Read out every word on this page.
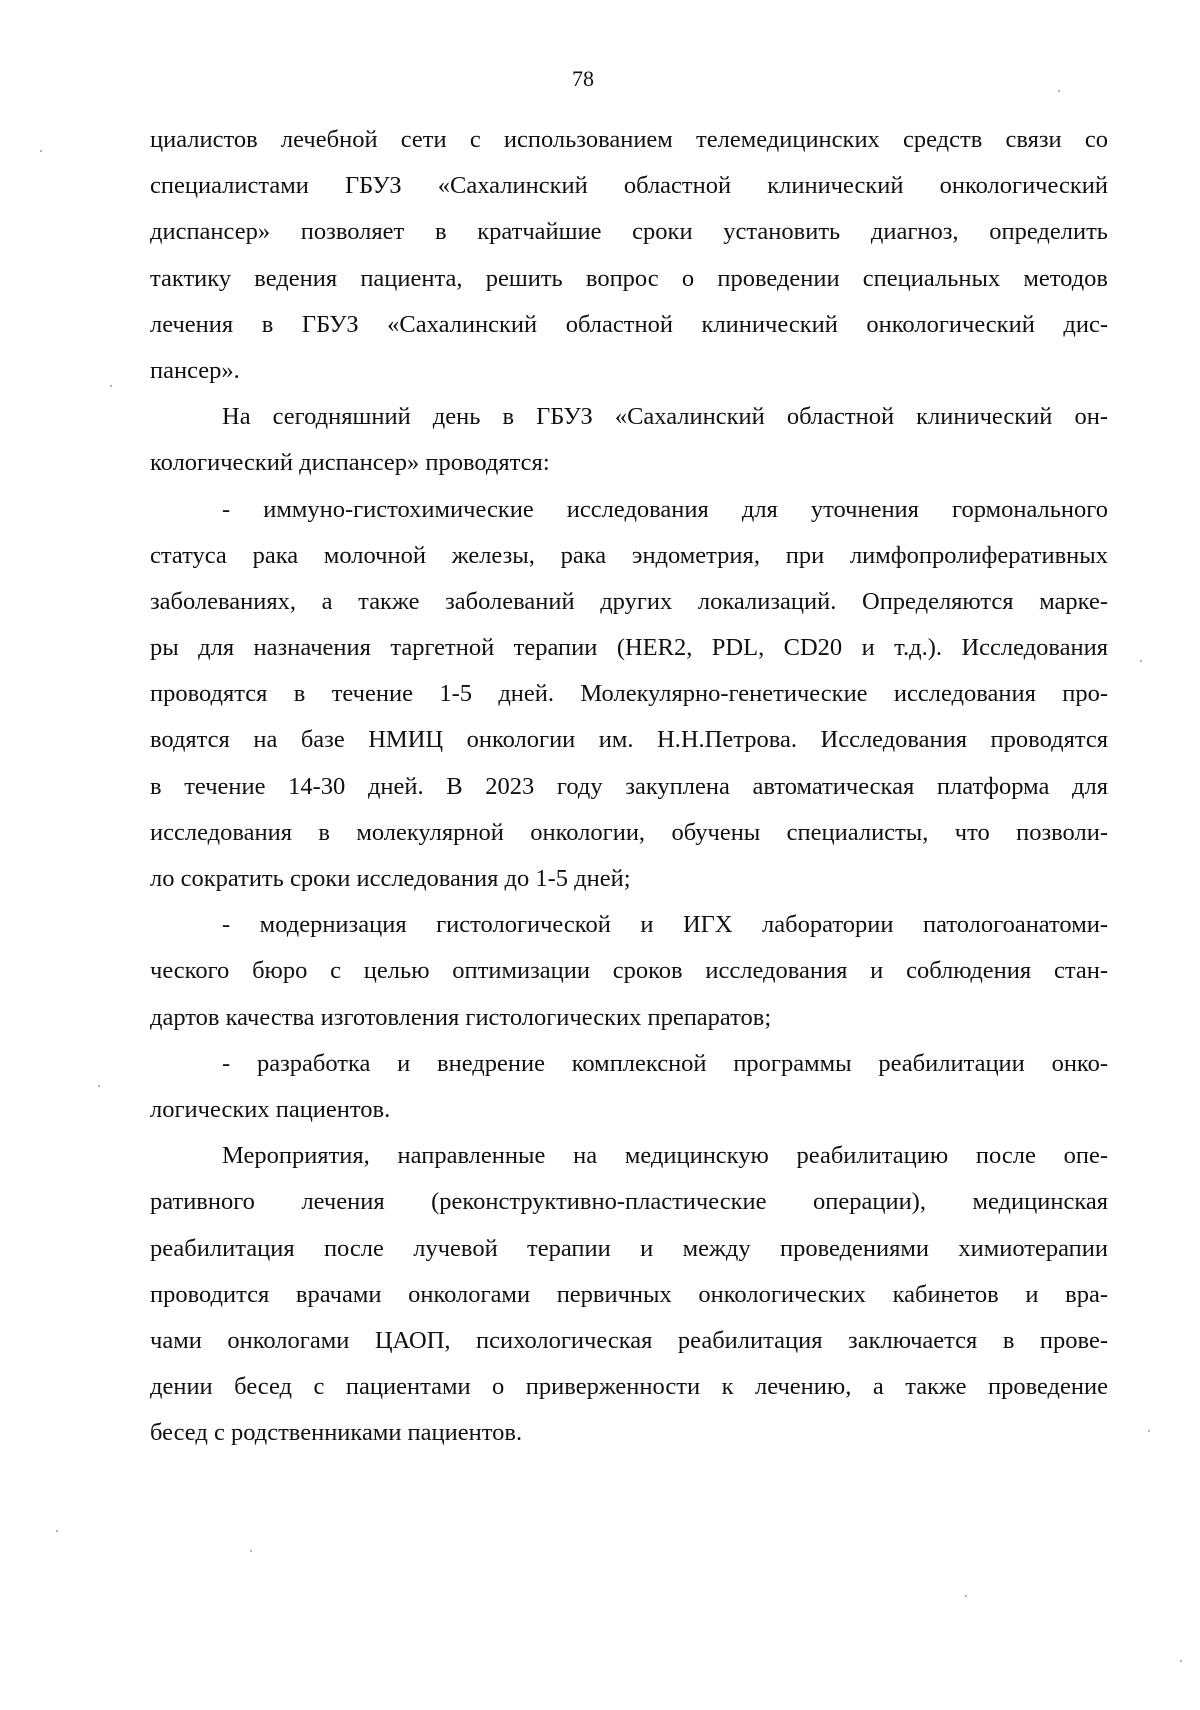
78
циалистов лечебной сети с использованием телемедицинских средств связи со
специалистами ГБУЗ «Сахалинский областной клинический онкологический
диспансер» позволяет в кратчайшие сроки установить диагноз, определить
тактику ведения пациента, решить вопрос о проведении специальных методов
лечения в ГБУЗ «Сахалинский областной клинический онкологический дис-
пансер».
На сегодняшний день в ГБУЗ «Сахалинский областной клинический он-
кологический диспансер» проводятся:
- иммуно-гистохимические исследования для уточнения гормонального
статуса рака молочной железы, рака эндометрия, при лимфопролиферативных
заболеваниях, а также заболеваний других локализаций. Определяются марке-
ры для назначения таргетной терапии (HER2, PDL, CD20 и т.д.). Исследования
проводятся в течение 1-5 дней. Молекулярно-генетические исследования про-
водятся на базе НМИЦ онкологии им. Н.Н.Петрова. Исследования проводятся
в течение 14-30 дней. В 2023 году закуплена автоматическая платформа для
исследования в молекулярной онкологии, обучены специалисты, что позволи-
ло сократить сроки исследования до 1-5 дней;
- модернизация гистологической и ИГХ лаборатории патологоанатоми-
ческого бюро с целью оптимизации сроков исследования и соблюдения стан-
дартов качества изготовления гистологических препаратов;
- разработка и внедрение комплексной программы реабилитации онко-
логических пациентов.
Мероприятия, направленные на медицинскую реабилитацию после опе-
ративного лечения (реконструктивно-пластические операции), медицинская
реабилитация после лучевой терапии и между проведениями химиотерапии
проводится врачами онкологами первичных онкологических кабинетов и вра-
чами онкологами ЦАОП, психологическая реабилитация заключается в прове-
дении бесед с пациентами о приверженности к лечению, а также проведение
бесед с родственниками пациентов.
